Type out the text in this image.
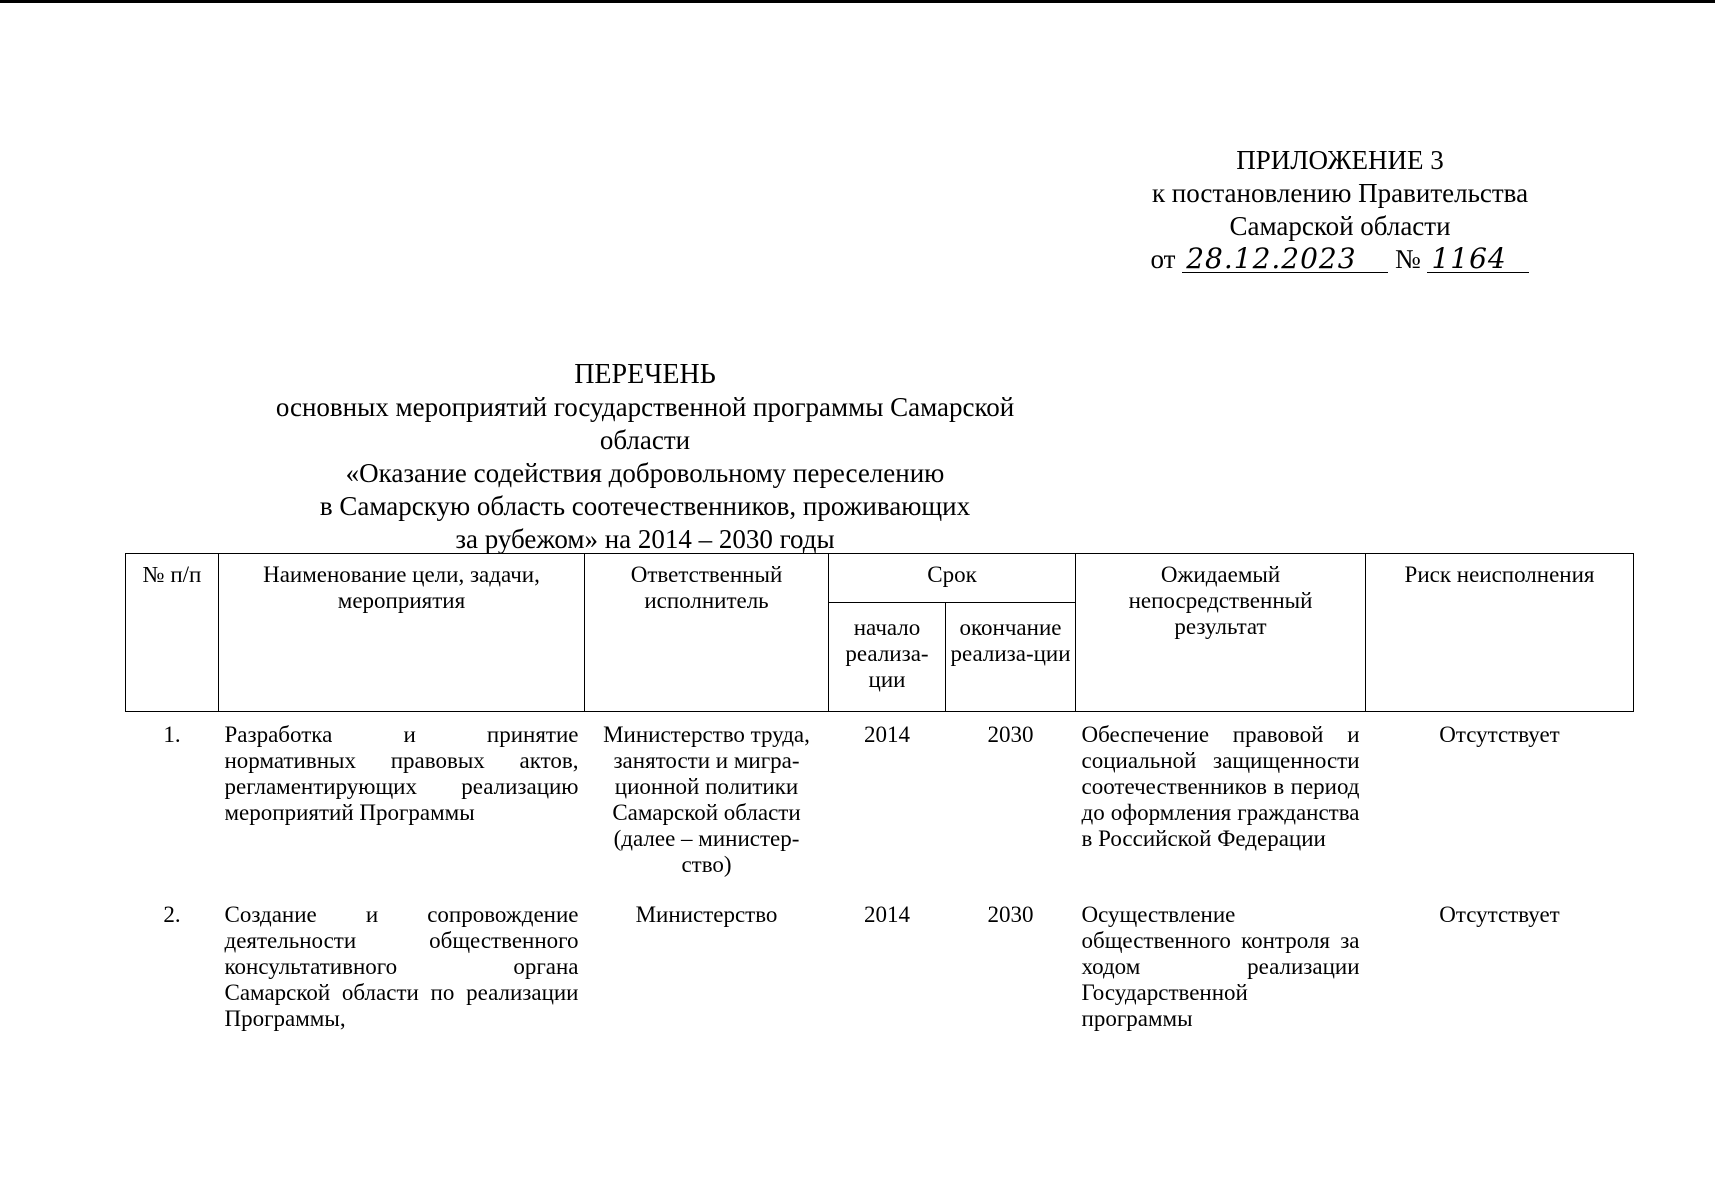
ПРИЛОЖЕНИЕ 3
к постановлению Правительства
Самарской области
от 28.12.2023 № 1164
ПЕРЕЧЕНЬ
основных мероприятий государственной программы Самарской области
«Оказание содействия добровольному переселению
в Самарскую область соотечественников, проживающих
за рубежом» на 2014 – 2030 годы
№ п/п	Наименование цели, задачи, мероприятия	Ответственный исполнитель	Срок		Ожидаемый непосредственный результат	Риск неисполнения
			начало реализа-ции	окончание реализа-ции		
1.	Разработка и принятие нормативных правовых актов, регламентирующих реализацию мероприятий Программы	Министерство труда, занятости и мигра-ционной политики Самарской области (далее – министер-ство)	2014	2030	Обеспечение правовой и социальной защищенности соотечественников в период до оформления гражданства в Российской Федерации	Отсутствует
2.	Создание и сопровождение деятельности общественного консультативного органа Самарской области по реализации Программы,	Министерство	2014	2030	Осуществление общественного контроля за ходом реализации Государственной программы	Отсутствует
